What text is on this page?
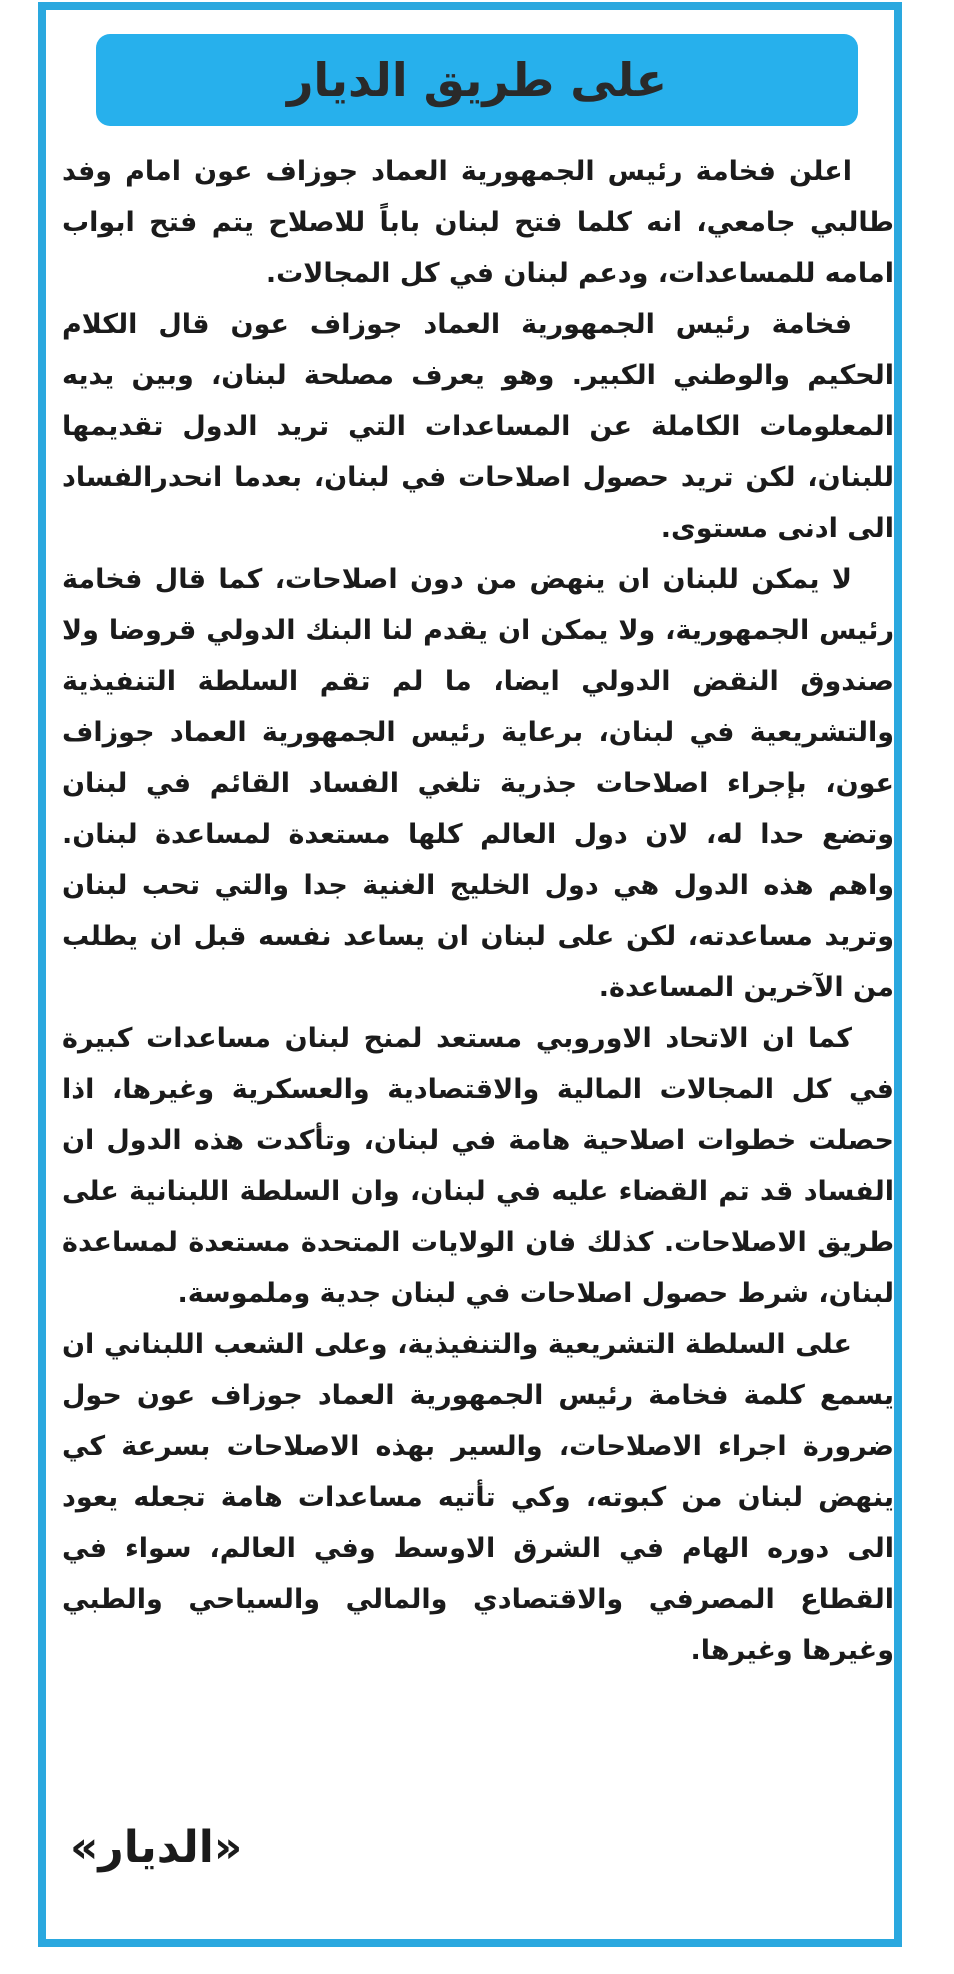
على طريق الديار

اعلن فخامة رئيس الجمهورية العماد جوزاف عون امام وفد طالبي جامعي، انه كلما فتح لبنان باباً للاصلاح يتم فتح ابواب امامه للمساعدات، ودعم لبنان في كل المجالات.

فخامة رئيس الجمهورية العماد جوزاف عون قال الكلام الحكيم والوطني الكبير. وهو يعرف مصلحة لبنان، وبين يديه المعلومات الكاملة عن المساعدات التي تريد الدول تقديمها للبنان، لكن تريد حصول اصلاحات في لبنان، بعدما انحدرالفساد الى ادنى مستوى.

لا يمكن للبنان ان ينهض من دون اصلاحات، كما قال فخامة رئيس الجمهورية، ولا يمكن ان يقدم لنا البنك الدولي قروضا ولا صندوق النقض الدولي ايضا، ما لم تقم السلطة التنفيذية والتشريعية في لبنان، برعاية رئيس الجمهورية العماد جوزاف عون، بإجراء اصلاحات جذرية تلغي الفساد القائم في لبنان وتضع حدا له، لان دول العالم كلها مستعدة لمساعدة لبنان. واهم هذه الدول هي دول الخليج الغنية جدا والتي تحب لبنان وتريد مساعدته، لكن على لبنان ان يساعد نفسه قبل ان يطلب من الآخرين المساعدة.

كما ان الاتحاد الاوروبي مستعد لمنح لبنان مساعدات كبيرة في كل المجالات المالية والاقتصادية والعسكرية وغيرها، اذا حصلت خطوات اصلاحية هامة في لبنان، وتأكدت هذه الدول ان الفساد قد تم القضاء عليه في لبنان، وان السلطة اللبنانية على طريق الاصلاحات. كذلك فان الولايات المتحدة مستعدة لمساعدة لبنان، شرط حصول اصلاحات في لبنان جدية وملموسة.

على السلطة التشريعية والتنفيذية، وعلى الشعب اللبناني ان يسمع كلمة فخامة رئيس الجمهورية العماد جوزاف عون حول ضرورة اجراء الاصلاحات، والسير بهذه الاصلاحات بسرعة كي ينهض لبنان من كبوته، وكي تأتيه مساعدات هامة تجعله يعود الى دوره الهام في الشرق الاوسط وفي العالم، سواء في القطاع المصرفي والاقتصادي والمالي والسياحي والطبي وغيرها وغيرها.

«الديار»
